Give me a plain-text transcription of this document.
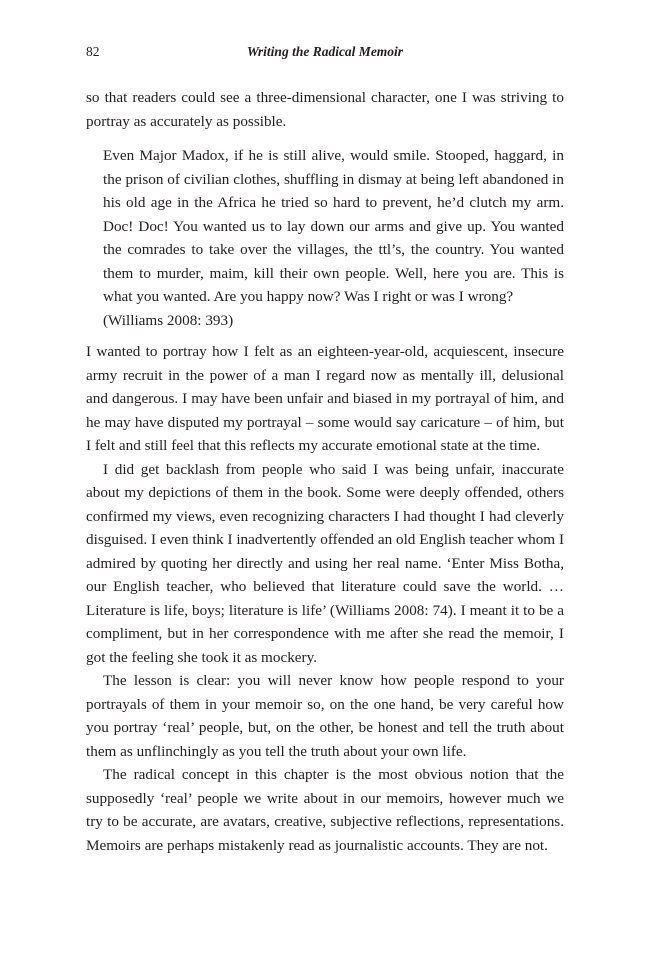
82	Writing the Radical Memoir

so that readers could see a three-dimensional character, one I was striving to portray as accurately as possible.

Even Major Madox, if he is still alive, would smile. Stooped, haggard, in the prison of civilian clothes, shuffling in dismay at being left abandoned in his old age in the Africa he tried so hard to prevent, he’d clutch my arm. Doc! Doc! You wanted us to lay down our arms and give up. You wanted the comrades to take over the villages, the ttl’s, the country. You wanted them to murder, maim, kill their own people. Well, here you are. This is what you wanted. Are you happy now? Was I right or was I wrong?

(Williams 2008: 393)

I wanted to portray how I felt as an eighteen-year-old, acquiescent, insecure army recruit in the power of a man I regard now as mentally ill, delusional and dangerous. I may have been unfair and biased in my portrayal of him, and he may have disputed my portrayal – some would say caricature – of him, but I felt and still feel that this reflects my accurate emotional state at the time.

I did get backlash from people who said I was being unfair, inaccurate about my depictions of them in the book. Some were deeply offended, others confirmed my views, even recognizing characters I had thought I had cleverly disguised. I even think I inadvertently offended an old English teacher whom I admired by quoting her directly and using her real name. ‘Enter Miss Botha, our English teacher, who believed that literature could save the world. … Literature is life, boys; literature is life’ (Williams 2008: 74). I meant it to be a compliment, but in her correspondence with me after she read the memoir, I got the feeling she took it as mockery.

The lesson is clear: you will never know how people respond to your portrayals of them in your memoir so, on the one hand, be very careful how you portray ‘real’ people, but, on the other, be honest and tell the truth about them as unflinchingly as you tell the truth about your own life.

The radical concept in this chapter is the most obvious notion that the supposedly ‘real’ people we write about in our memoirs, however much we try to be accurate, are avatars, creative, subjective reflections, representations. Memoirs are perhaps mistakenly read as journalistic accounts. They are not.
